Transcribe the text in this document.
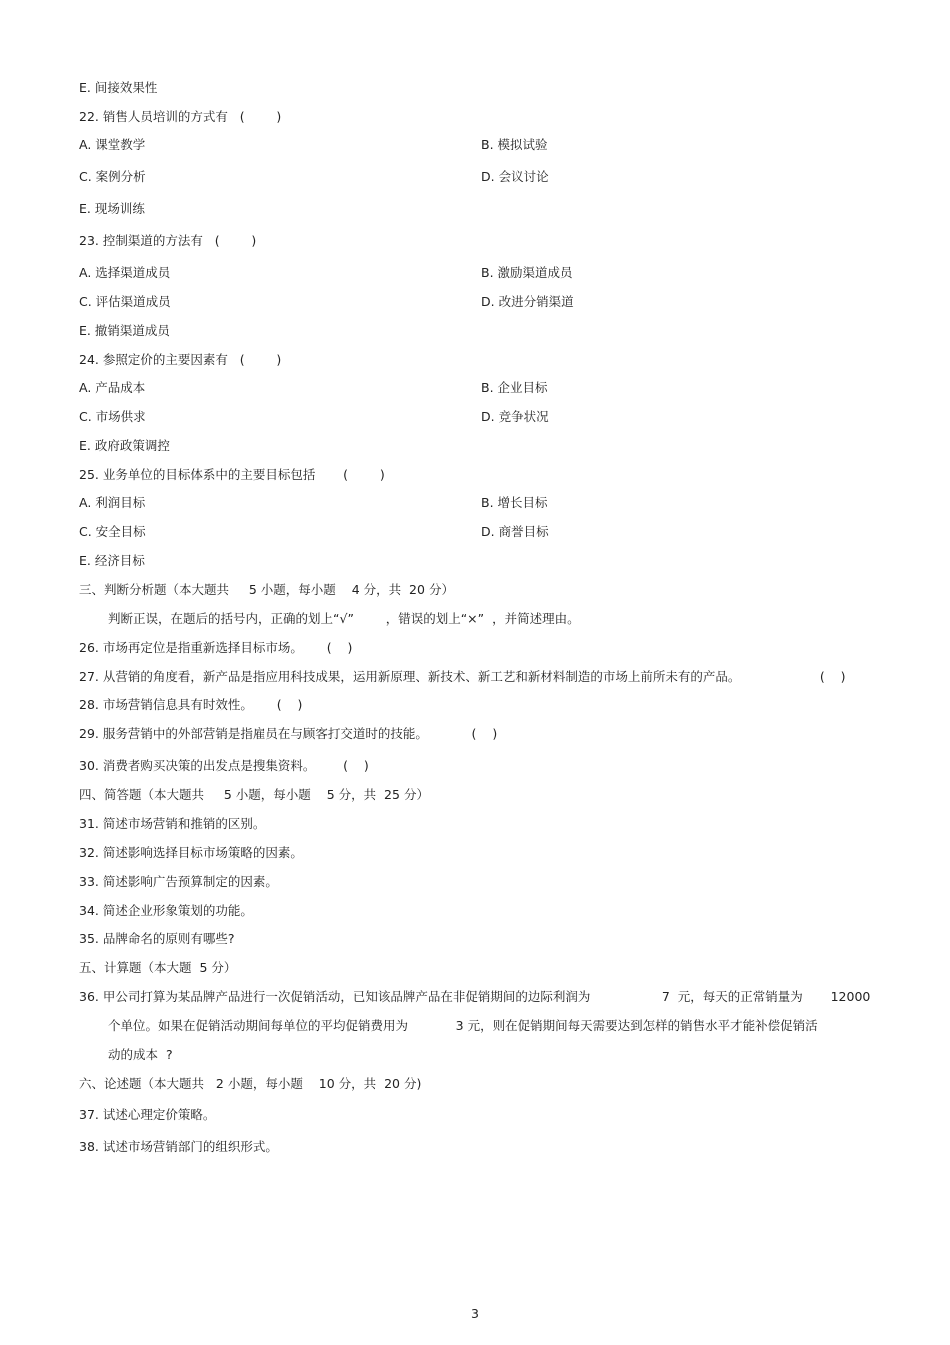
E. 间接效果性
22. 销售人员培训的方式有   (        )
A. 课堂教学	B. 模拟试验
C. 案例分析	D. 会议讨论
E. 现场训练
23. 控制渠道的方法有   (        )
A. 选择渠道成员	B. 激励渠道成员
C. 评估渠道成员	D. 改进分销渠道
E. 撤销渠道成员
24. 参照定价的主要因素有   (        )
A. 产品成本	B. 企业目标
C. 市场供求	D. 竞争状况
E. 政府政策调控
25. 业务单位的目标体系中的主要目标包括       (        )
A. 利润目标	B. 增长目标
C. 安全目标	D. 商誉目标
E. 经济目标
三、判断分析题（本大题共     5 小题，每小题    4 分，共  20 分）
判断正误，在题后的括号内，正确的划上“√”        ，错误的划上“×”  ，并简述理由。
26. 市场再定位是指重新选择目标市场。      (    )
27. 从营销的角度看，新产品是指应用科技成果，运用新原理、新技术、新工艺和新材料制造的市场上前所未有的产品。                    (    )
28. 市场营销信息具有时效性。      (    )
29. 服务营销中的外部营销是指雇员在与顾客打交道时的技能。           (    )
30. 消费者购买决策的出发点是搜集资料。       (    )
四、简答题（本大题共     5 小题，每小题    5 分，共  25 分）
31. 简述市场营销和推销的区别。
32. 简述影响选择目标市场策略的因素。
33. 简述影响广告预算制定的因素。
34. 简述企业形象策划的功能。
35. 品牌命名的原则有哪些?
五、计算题（本大题  5 分）
36. 甲公司打算为某品牌产品进行一次促销活动，已知该品牌产品在非促销期间的边际利润为                  7  元，每天的正常销量为       12000
个单位。如果在促销活动期间每单位的平均促销费用为            3 元，则在促销期间每天需要达到怎样的销售水平才能补偿促销活
动的成本  ?
六、论述题（本大题共   2 小题，每小题    10 分，共  20 分)
37. 试述心理定价策略。
38. 试述市场营销部门的组织形式。
3
